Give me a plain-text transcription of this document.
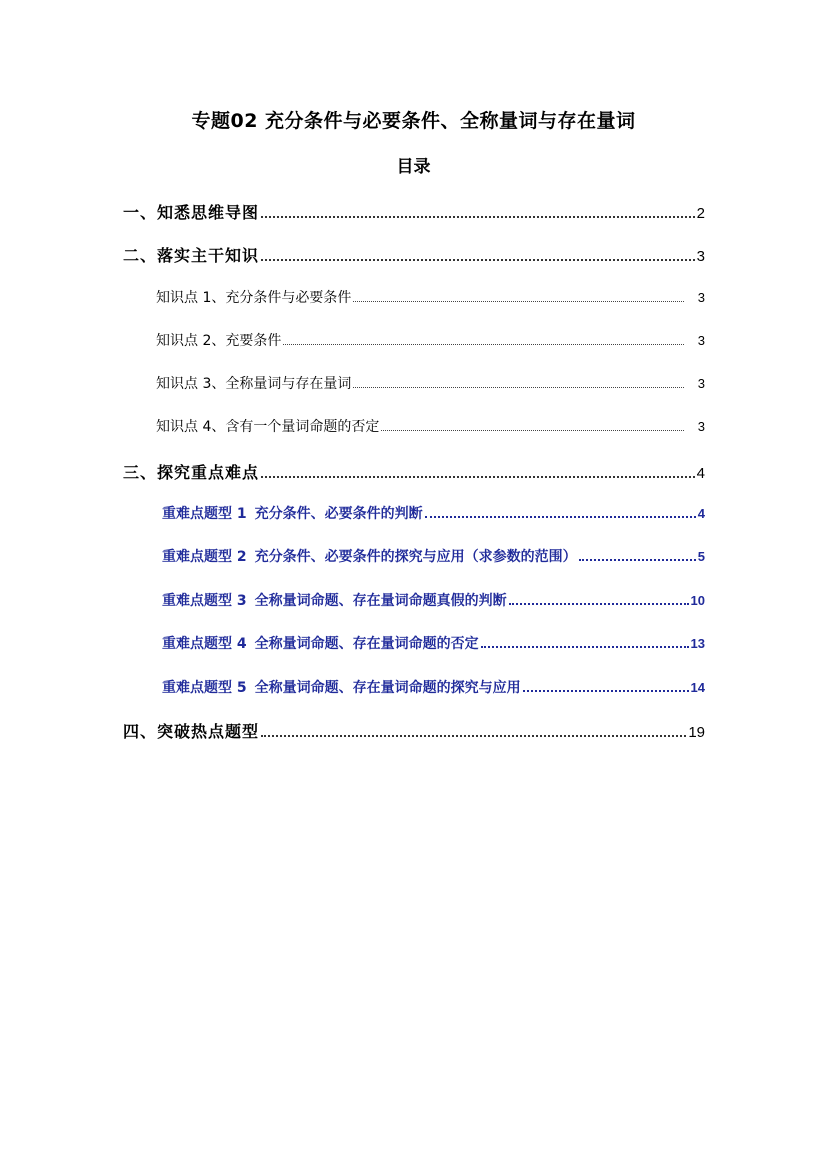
专题02 充分条件与必要条件、全称量词与存在量词
目录
一、知悉思维导图	2
二、落实主干知识	3
知识点 1、充分条件与必要条件	3
知识点 2、充要条件	3
知识点 3、全称量词与存在量词	3
知识点 4、含有一个量词命题的否定	3
三、探究重点难点	4
重难点题型 1 充分条件、必要条件的判断	4
重难点题型 2 充分条件、必要条件的探究与应用（求参数的范围）	5
重难点题型 3 全称量词命题、存在量词命题真假的判断	10
重难点题型 4 全称量词命题、存在量词命题的否定	13
重难点题型 5 全称量词命题、存在量词命题的探究与应用	14
四、突破热点题型	19
